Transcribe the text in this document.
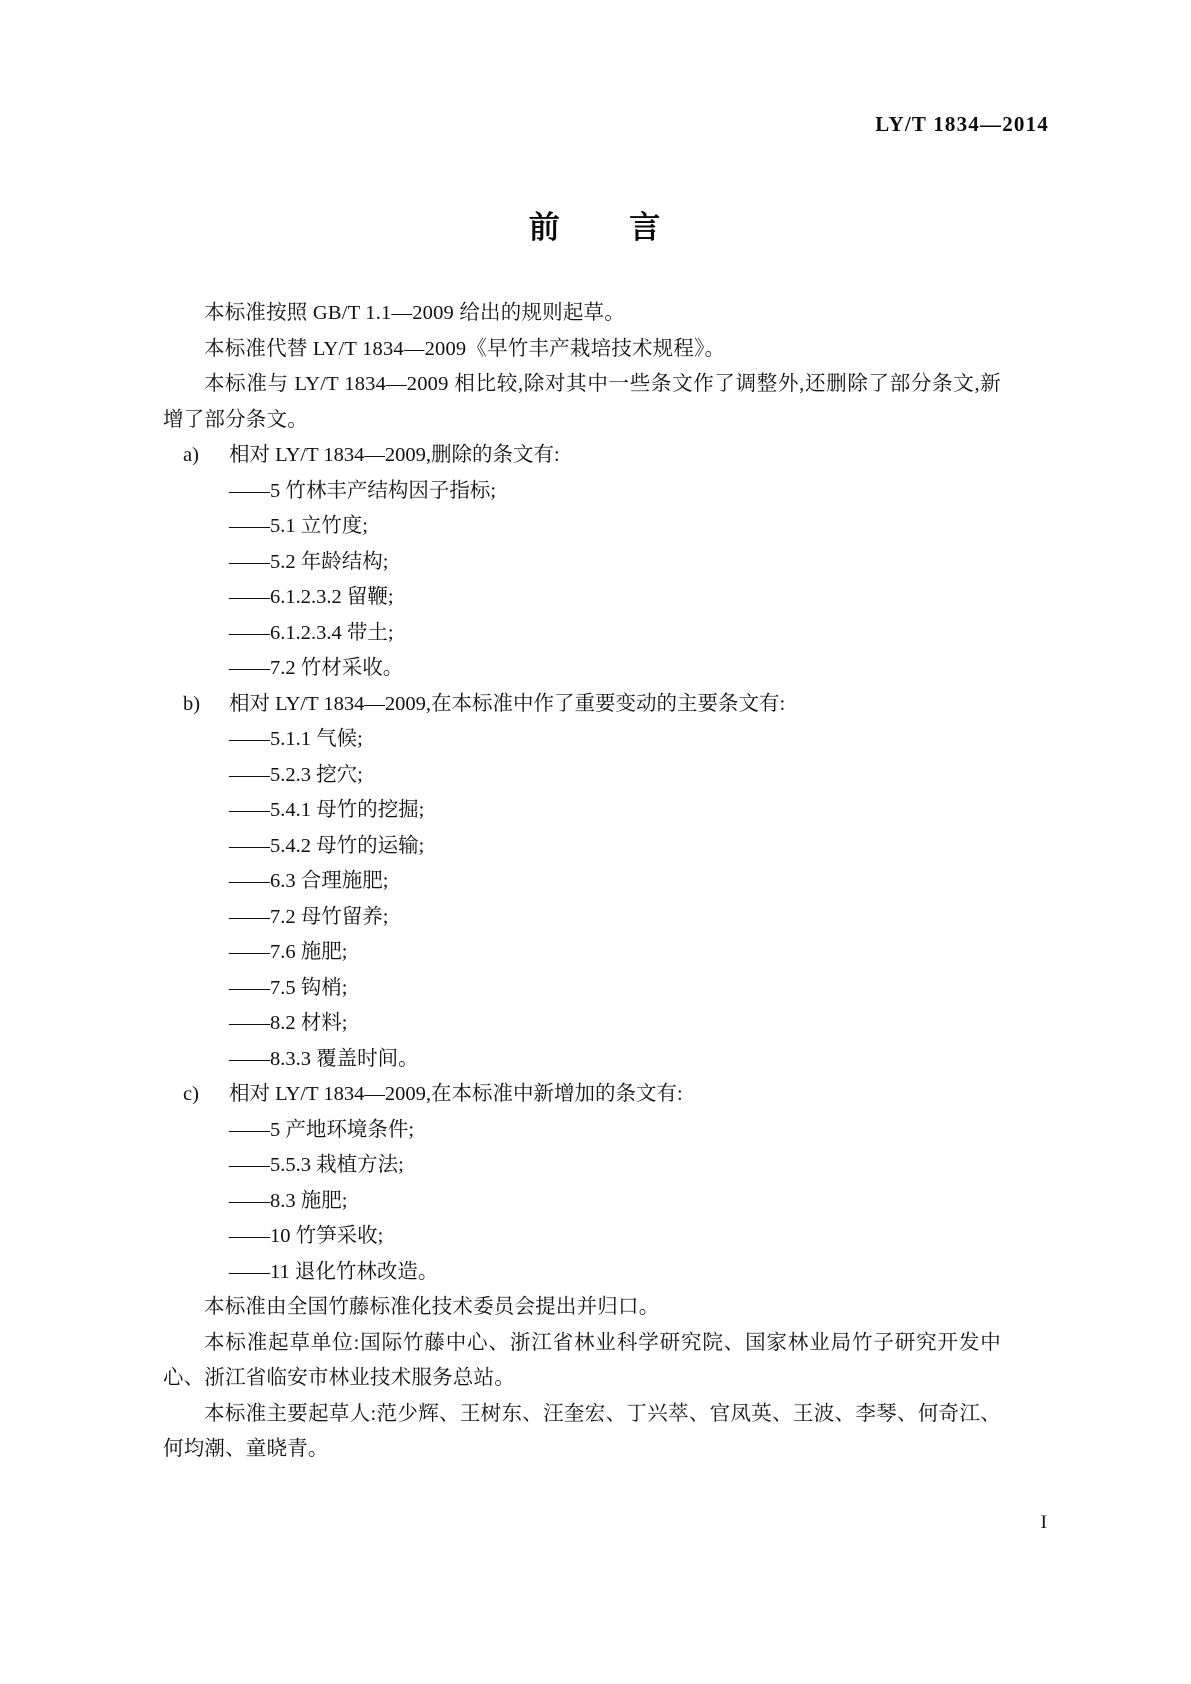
LY/T 1834—2014
前 言

本标准按照 GB/T 1.1—2009 给出的规则起草。

本标准代替 LY/T 1834—2009《早竹丰产栽培技术规程》。

本标准与 LY/T 1834—2009 相比较,除对其中一些条文作了调整外,还删除了部分条文,新增了部分条文。

a)	相对 LY/T 1834—2009,删除的条文有:

——5 竹林丰产结构因子指标;

——5.1 立竹度;

——5.2 年龄结构;

——6.1.2.3.2 留鞭;

——6.1.2.3.4 带土;

——7.2 竹材采收。

b)	相对 LY/T 1834—2009,在本标准中作了重要变动的主要条文有:

——5.1.1 气候;

——5.2.3 挖穴;

——5.4.1 母竹的挖掘;

——5.4.2 母竹的运输;

——6.3 合理施肥;

——7.2 母竹留养;

——7.6 施肥;

——7.5 钩梢;

——8.2 材料;

——8.3.3 覆盖时间。

c)	相对 LY/T 1834—2009,在本标准中新增加的条文有:

——5 产地环境条件;

——5.5.3 栽植方法;

——8.3 施肥;

——10 竹笋采收;

——11 退化竹林改造。

本标准由全国竹藤标准化技术委员会提出并归口。

本标准起草单位:国际竹藤中心、浙江省林业科学研究院、国家林业局竹子研究开发中心、浙江省临安市林业技术服务总站。

本标准主要起草人:范少辉、王树东、汪奎宏、丁兴萃、官凤英、王波、李琴、何奇江、何均潮、童晓青。

I
